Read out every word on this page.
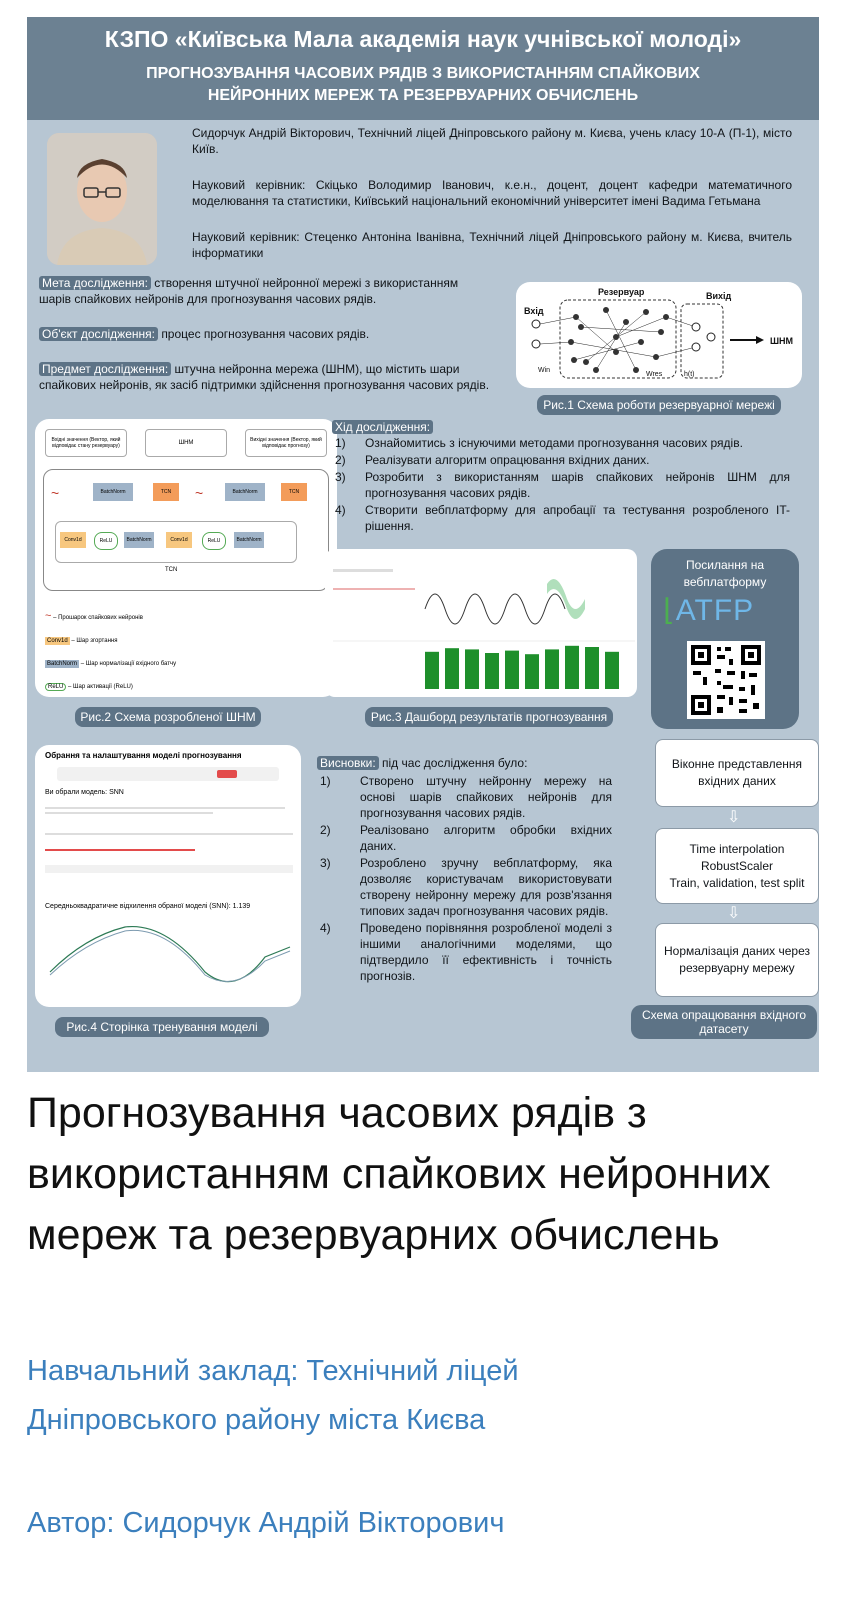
КЗПО «Київська Мала академія наук учнівської молоді»
ПРОГНОЗУВАННЯ ЧАСОВИХ РЯДІВ З ВИКОРИСТАННЯМ СПАЙКОВИХ
НЕЙРОННИХ МЕРЕЖ ТА РЕЗЕРВУАРНИХ ОБЧИСЛЕНЬ
Сидорчук Андрій Вікторович, Технічний ліцей Дніпровського району м. Києва, учень класу 10-А (П-1), місто Київ.
Науковий керівник: Скіцько Володимир Іванович, к.е.н., доцент, доцент кафедри математичного моделювання та статистики, Київський національний економічний університет імені Вадима Гетьмана
Науковий керівник: Стеценко Антоніна Іванівна, Технічний ліцей Дніпровського району м. Києва, вчитель інформатики
Мета дослідження: створення штучної нейронної мережі з використанням шарів спайкових нейронів для прогнозування часових рядів.
Об'єкт дослідження: процес прогнозування часових рядів.
Предмет дослідження: штучна нейронна мережа (ШНМ), що містить шари спайкових нейронів, як засіб підтримки здійснення прогнозування часових рядів.
Резервуар	Вихід
Вхід
Win
Wres	h(t)
ШНМ
Рис.1 Схема роботи резервуарної мережі
Вхідні значення (Вектор, який відповідає стану резервуару)	ШНМ	Вихідні значення (Вектор, який відповідає прогнозу)
~	BatchNorm	TCN	~	BatchNorm	TCN
Conv1d	ReLU	BatchNorm	Conv1d	ReLU	BatchNorm
TCN
~ – Прошарок спайкових нейронів
Conv1d – Шар згортання
BatchNorm – Шар нормалізації вхідного батчу
ReLU – Шар активації (ReLU)
Рис.2 Схема розробленої ШНМ
Хід дослідження:
1) Ознайомитись з існуючими методами прогнозування часових рядів.
2) Реалізувати алгоритм опрацювання вхідних даних.
3) Розробити з використанням шарів спайкових нейронів ШНМ для прогнозування часових рядів.
4) Створити вебплатформу для апробації та тестування розробленого IT-рішення.
Рис.3 Дашборд результатів прогнозування
Посилання на вебплатформу
⌊ATFP
Обрання та налаштування моделі прогнозування
Ви обрали модель: SNN
Середньоквадратичне відхилення обраної моделі (SNN): 1.139
Рис.4 Сторінка тренування моделі
Висновки: під час дослідження було:
1) Створено штучну нейронну мережу на основі шарів спайкових нейронів для прогнозування часових рядів.
2) Реалізовано алгоритм обробки вхідних даних.
3) Розроблено зручну вебплатформу, яка дозволяє користувачам використовувати створену нейронну мережу для розв'язання типових задач прогнозування часових рядів.
4) Проведено порівняння розробленої моделі з іншими аналогічними моделями, що підтвердило її ефективність і точність прогнозів.
Віконне представлення вхідних даних
⇩
Time interpolation
RobustScaler
Train, validation, test split
⇩
Нормалізація даних через резервуарну мережу
Схема опрацювання вхідного датасету
Прогнозування часових рядів з використанням спайкових нейронних мереж та резервуарних обчислень
Навчальний заклад: Технічний ліцей
Дніпровського району міста Києва
Автор: Сидорчук Андрій Вікторович
